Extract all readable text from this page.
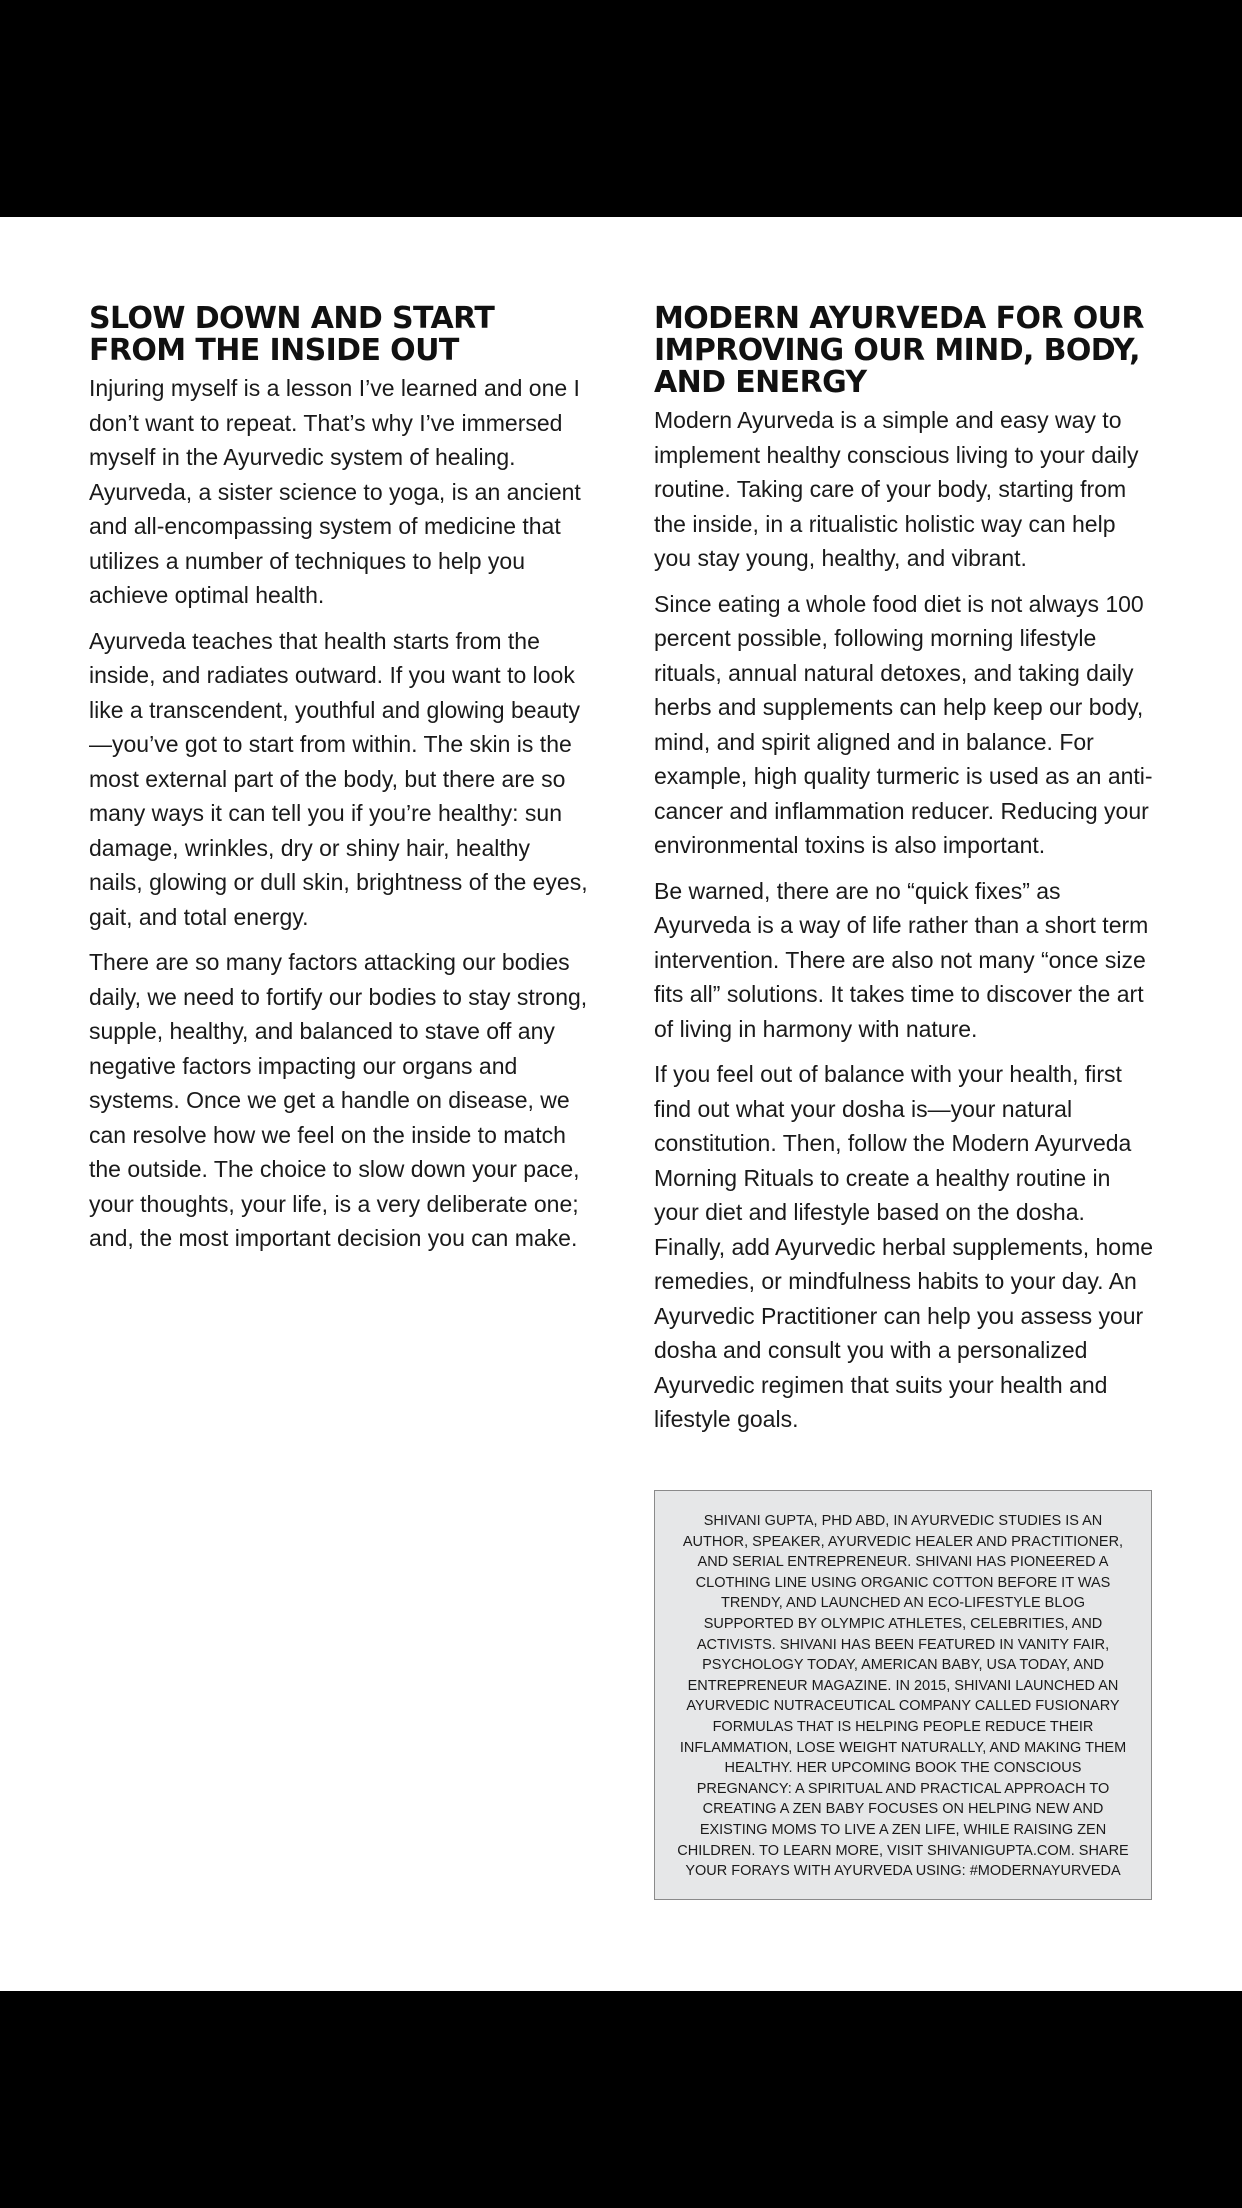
SLOW DOWN AND START FROM THE INSIDE OUT

Injuring myself is a lesson I’ve learned and one I don’t want to repeat. That’s why I’ve immersed myself in the Ayurvedic system of healing. Ayurveda, a sister science to yoga, is an ancient and all-encompassing system of medicine that utilizes a number of techniques to help you achieve optimal health.

Ayurveda teaches that health starts from the inside, and radiates outward. If you want to look like a transcendent, youthful and glowing beauty—you’ve got to start from within. The skin is the most external part of the body, but there are so many ways it can tell you if you’re healthy: sun damage, wrinkles, dry or shiny hair, healthy nails, glowing or dull skin, brightness of the eyes, gait, and total energy.

There are so many factors attacking our bodies daily, we need to fortify our bodies to stay strong, supple, healthy, and balanced to stave off any negative factors impacting our organs and systems. Once we get a handle on disease, we can resolve how we feel on the inside to match the outside. The choice to slow down your pace, your thoughts, your life, is a very deliberate one; and, the most important decision you can make.

MODERN AYURVEDA FOR OUR IMPROVING OUR MIND, BODY, AND ENERGY

Modern Ayurveda is a simple and easy way to implement healthy conscious living to your daily routine. Taking care of your body, starting from the inside, in a ritualistic holistic way can help you stay young, healthy, and vibrant.

Since eating a whole food diet is not always 100 percent possible, following morning lifestyle rituals, annual natural detoxes, and taking daily herbs and supplements can help keep our body, mind, and spirit aligned and in balance. For example, high quality turmeric is used as an anti-cancer and inflammation reducer. Reducing your environmental toxins is also important.

Be warned, there are no “quick fixes” as Ayurveda is a way of life rather than a short term intervention. There are also not many “once size fits all” solutions. It takes time to discover the art of living in harmony with nature.

If you feel out of balance with your health, first find out what your dosha is—your natural constitution. Then, follow the Modern Ayurveda Morning Rituals to create a healthy routine in your diet and lifestyle based on the dosha. Finally, add Ayurvedic herbal supplements, home remedies, or mindfulness habits to your day. An Ayurvedic Practitioner can help you assess your dosha and consult you with a personalized Ayurvedic regimen that suits your health and lifestyle goals.

SHIVANI GUPTA, PHD ABD, IN AYURVEDIC STUDIES IS AN AUTHOR, SPEAKER, AYURVEDIC HEALER AND PRACTITIONER, AND SERIAL ENTREPRENEUR. SHIVANI HAS PIONEERED A CLOTHING LINE USING ORGANIC COTTON BEFORE IT WAS TRENDY, AND LAUNCHED AN ECO-LIFESTYLE BLOG SUPPORTED BY OLYMPIC ATHLETES, CELEBRITIES, AND ACTIVISTS. SHIVANI HAS BEEN FEATURED IN VANITY FAIR, PSYCHOLOGY TODAY, AMERICAN BABY, USA TODAY, AND ENTREPRENEUR MAGAZINE. IN 2015, SHIVANI LAUNCHED AN AYURVEDIC NUTRACEUTICAL COMPANY CALLED FUSIONARY FORMULAS THAT IS HELPING PEOPLE REDUCE THEIR INFLAMMATION, LOSE WEIGHT NATURALLY, AND MAKING THEM HEALTHY. HER UPCOMING BOOK THE CONSCIOUS PREGNANCY: A SPIRITUAL AND PRACTICAL APPROACH TO CREATING A ZEN BABY FOCUSES ON HELPING NEW AND EXISTING MOMS TO LIVE A ZEN LIFE, WHILE RAISING ZEN CHILDREN. TO LEARN MORE, VISIT SHIVANIGUPTA.COM. SHARE YOUR FORAYS WITH AYURVEDA USING: #MODERNAYURVEDA
